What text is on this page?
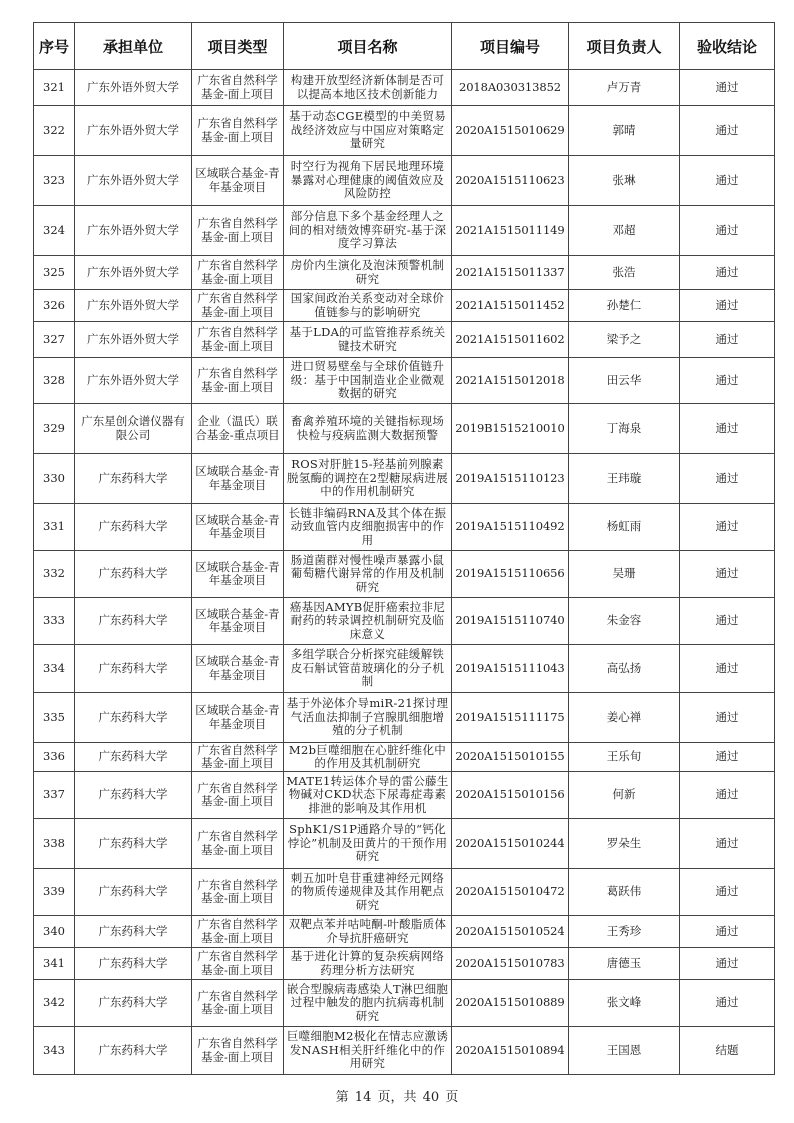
序号	承担单位	项目类型	项目名称	项目编号	项目负责人	验收结论
321	广东外语外贸大学	广东省自然科学基金-面上项目	构建开放型经济新体制是否可以提高本地区技术创新能力	2018A030313852	卢万青	通过
322	广东外语外贸大学	广东省自然科学基金-面上项目	基于动态CGE模型的中美贸易战经济效应与中国应对策略定量研究	2020A1515010629	郭晴	通过
323	广东外语外贸大学	区域联合基金-青年基金项目	时空行为视角下居民地理环境暴露对心理健康的阈值效应及风险防控	2020A1515110623	张琳	通过
324	广东外语外贸大学	广东省自然科学基金-面上项目	部分信息下多个基金经理人之间的相对绩效博弈研究-基于深度学习算法	2021A1515011149	邓超	通过
325	广东外语外贸大学	广东省自然科学基金-面上项目	房价内生演化及泡沫预警机制研究	2021A1515011337	张浩	通过
326	广东外语外贸大学	广东省自然科学基金-面上项目	国家间政治关系变动对全球价值链参与的影响研究	2021A1515011452	孙楚仁	通过
327	广东外语外贸大学	广东省自然科学基金-面上项目	基于LDA的可监管推荐系统关键技术研究	2021A1515011602	梁予之	通过
328	广东外语外贸大学	广东省自然科学基金-面上项目	进口贸易壁垒与全球价值链升级：基于中国制造业企业微观数据的研究	2021A1515012018	田云华	通过
329	广东星创众谱仪器有限公司	企业（温氏）联合基金-重点项目	畜禽养殖环境的关键指标现场快检与疫病监测大数据预警	2019B1515210010	丁海泉	通过
330	广东药科大学	区域联合基金-青年基金项目	ROS对肝脏15-羟基前列腺素脱氢酶的调控在2型糖尿病进展中的作用机制研究	2019A1515110123	王玮璇	通过
331	广东药科大学	区域联合基金-青年基金项目	长链非编码RNA及其个体在振动致血管内皮细胞损害中的作用	2019A1515110492	杨虹雨	通过
332	广东药科大学	区域联合基金-青年基金项目	肠道菌群对慢性噪声暴露小鼠葡萄糖代谢异常的作用及机制研究	2019A1515110656	吴珊	通过
333	广东药科大学	区域联合基金-青年基金项目	癌基因AMYB促肝癌索拉非尼耐药的转录调控机制研究及临床意义	2019A1515110740	朱金容	通过
334	广东药科大学	区域联合基金-青年基金项目	多组学联合分析探究硅缓解铁皮石斛试管苗玻璃化的分子机制	2019A1515111043	高弘扬	通过
335	广东药科大学	区域联合基金-青年基金项目	基于外泌体介导miR-21探讨理气活血法抑制子宫腺肌细胞增殖的分子机制	2019A1515111175	姜心禅	通过
336	广东药科大学	广东省自然科学基金-面上项目	M2b巨噬细胞在心脏纤维化中的作用及其机制研究	2020A1515010155	王乐旬	通过
337	广东药科大学	广东省自然科学基金-面上项目	MATE1转运体介导的雷公藤生物碱对CKD状态下尿毒症毒素排泄的影响及其作用机	2020A1515010156	何新	通过
338	广东药科大学	广东省自然科学基金-面上项目	SphK1/S1P通路介导的“钙化悖论”机制及田黄片的干预作用研究	2020A1515010244	罗朵生	通过
339	广东药科大学	广东省自然科学基金-面上项目	刺五加叶皂苷重建神经元网络的物质传递规律及其作用靶点研究	2020A1515010472	葛跃伟	通过
340	广东药科大学	广东省自然科学基金-面上项目	双靶点苯并咕吨酮-叶酸脂质体介导抗肝癌研究	2020A1515010524	王秀珍	通过
341	广东药科大学	广东省自然科学基金-面上项目	基于进化计算的复杂疾病网络药理分析方法研究	2020A1515010783	唐德玉	通过
342	广东药科大学	广东省自然科学基金-面上项目	嵌合型腺病毒感染人T淋巴细胞过程中触发的胞内抗病毒机制研究	2020A1515010889	张文峰	通过
343	广东药科大学	广东省自然科学基金-面上项目	巨噬细胞M2极化在情志应激诱发NASH相关肝纤维化中的作用研究	2020A1515010894	王国恩	结题
第 14 页，共 40 页
